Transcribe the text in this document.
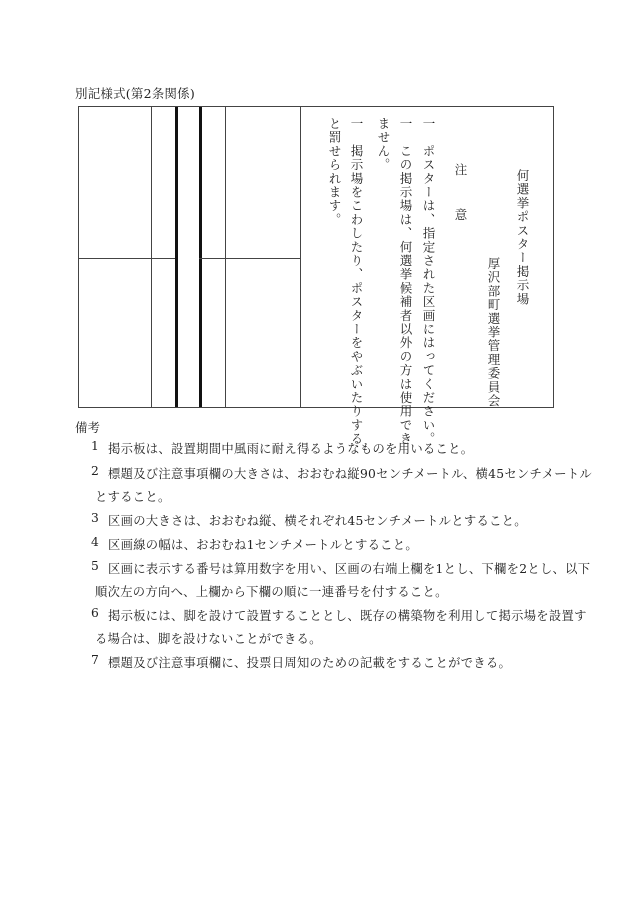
別記様式(第2条関係)
何選挙ポスター掲示場
厚沢部町選挙管理委員会
注　意
一　ポスターは、指定された区画にはってください。
一　この掲示場は、何選挙候補者以外の方は使用でき
ません。
一　掲示場をこわしたり、ポスターをやぶいたりする
と罰せられます。
備考
1 掲示板は、設置期間中風雨に耐え得るようなものを用いること。
2 標題及び注意事項欄の大きさは、おおむね縦90センチメートル、横45センチメートル
とすること。
3 区画の大きさは、おおむね縦、横それぞれ45センチメートルとすること。
4 区画線の幅は、おおむね1センチメートルとすること。
5 区画に表示する番号は算用数字を用い、区画の右端上欄を1とし、下欄を2とし、以下
順次左の方向へ、上欄から下欄の順に一連番号を付すること。
6 掲示板には、脚を設けて設置することとし、既存の構築物を利用して掲示場を設置す
る場合は、脚を設けないことができる。
7 標題及び注意事項欄に、投票日周知のための記載をすることができる。
